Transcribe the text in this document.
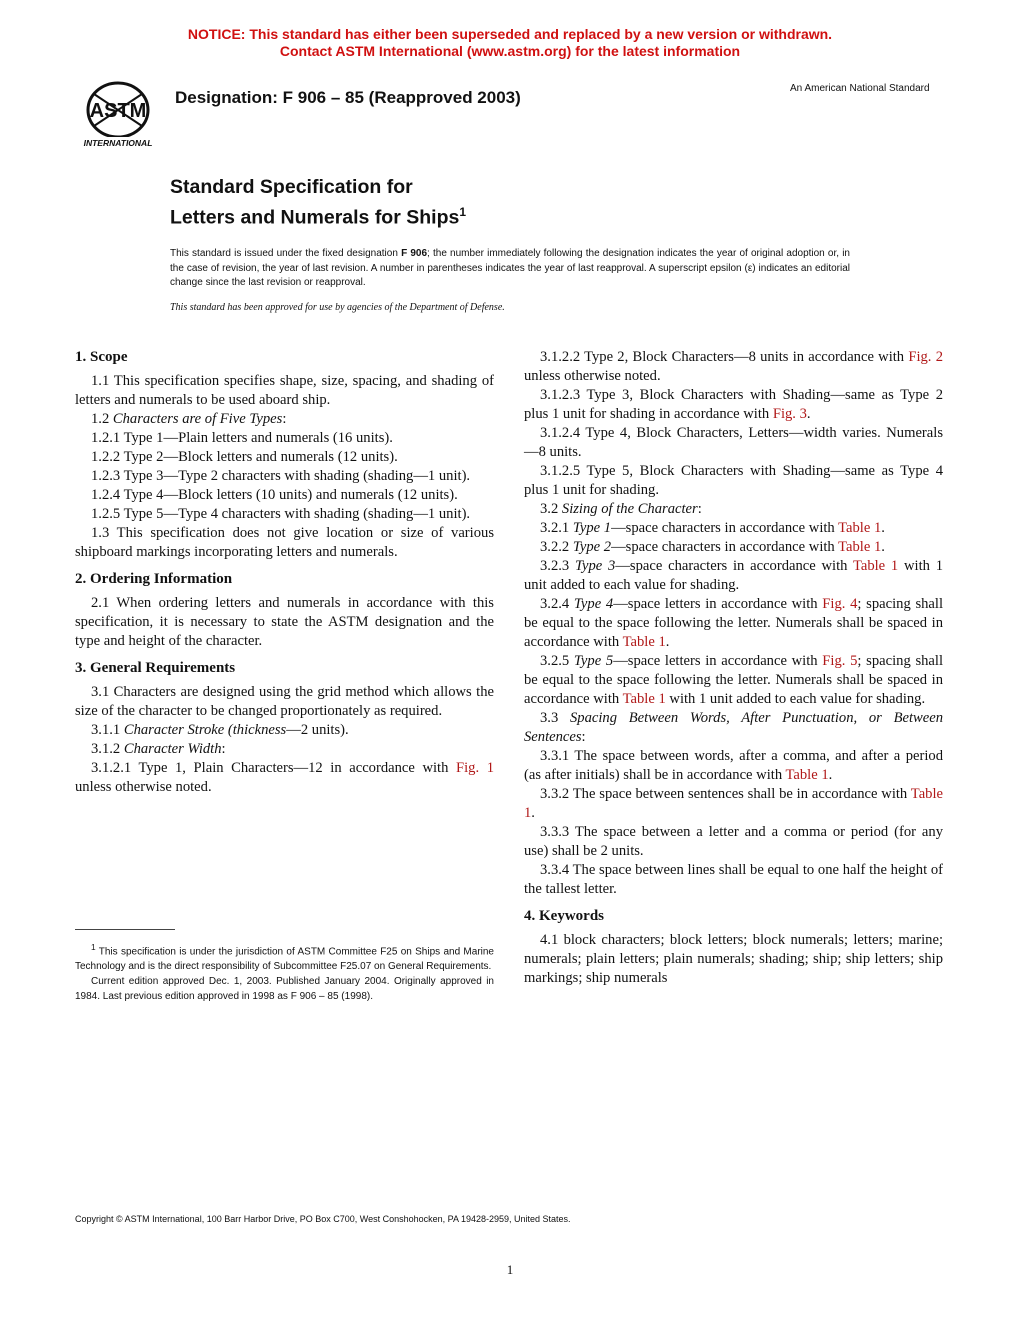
NOTICE: This standard has either been superseded and replaced by a new version or withdrawn.
Contact ASTM International (www.astm.org) for the latest information
ASTM
INTERNATIONAL
Designation: F 906 – 85 (Reapproved 2003)	An American National Standard
Standard Specification for
Letters and Numerals for Ships$^1$
This standard is issued under the fixed designation F 906; the number immediately following the designation indicates the year of original adoption or, in the case of revision, the year of last revision. A number in parentheses indicates the year of last reapproval. A superscript epsilon (ε) indicates an editorial change since the last revision or reapproval.
This standard has been approved for use by agencies of the Department of Defense.
1. Scope

1.1 This specification specifies shape, size, spacing, and shading of letters and numerals to be used aboard ship.

1.2 Characters are of Five Types:

1.2.1 Type 1—Plain letters and numerals (16 units).

1.2.2 Type 2—Block letters and numerals (12 units).

1.2.3 Type 3—Type 2 characters with shading (shading—1 unit).

1.2.4 Type 4—Block letters (10 units) and numerals (12 units).

1.2.5 Type 5—Type 4 characters with shading (shading—1 unit).

1.3 This specification does not give location or size of various shipboard markings incorporating letters and numerals.

2. Ordering Information

2.1 When ordering letters and numerals in accordance with this specification, it is necessary to state the ASTM designation and the type and height of the character.

3. General Requirements

3.1 Characters are designed using the grid method which allows the size of the character to be changed proportionately as required.

3.1.1 Character Stroke (thickness—2 units).

3.1.2 Character Width:

3.1.2.1 Type 1, Plain Characters—12 in accordance with Fig. 1 unless otherwise noted.

3.1.2.2 Type 2, Block Characters—8 units in accordance with Fig. 2 unless otherwise noted.

3.1.2.3 Type 3, Block Characters with Shading—same as Type 2 plus 1 unit for shading in accordance with Fig. 3.

3.1.2.4 Type 4, Block Characters, Letters—width varies. Numerals—8 units.

3.1.2.5 Type 5, Block Characters with Shading—same as Type 4 plus 1 unit for shading.

3.2 Sizing of the Character:

3.2.1 Type 1—space characters in accordance with Table 1.

3.2.2 Type 2—space characters in accordance with Table 1.

3.2.3 Type 3—space characters in accordance with Table 1 with 1 unit added to each value for shading.

3.2.4 Type 4—space letters in accordance with Fig. 4; spacing shall be equal to the space following the letter. Numerals shall be spaced in accordance with Table 1.

3.2.5 Type 5—space letters in accordance with Fig. 5; spacing shall be equal to the space following the letter. Numerals shall be spaced in accordance with Table 1 with 1 unit added to each value for shading.

3.3 Spacing Between Words, After Punctuation, or Between Sentences:

3.3.1 The space between words, after a comma, and after a period (as after initials) shall be in accordance with Table 1.

3.3.2 The space between sentences shall be in accordance with Table 1.

3.3.3 The space between a letter and a comma or period (for any use) shall be 2 units.

3.3.4 The space between lines shall be equal to one half the height of the tallest letter.

4. Keywords

4.1 block characters; block letters; block numerals; letters; marine; numerals; plain letters; plain numerals; shading; ship; ship letters; ship markings; ship numerals

$^1$ This specification is under the jurisdiction of ASTM Committee F25 on Ships and Marine Technology and is the direct responsibility of Subcommittee F25.07 on General Requirements.

Current edition approved Dec. 1, 2003. Published January 2004. Originally approved in 1984. Last previous edition approved in 1998 as F 906 – 85 (1998).

Copyright © ASTM International, 100 Barr Harbor Drive, PO Box C700, West Conshohocken, PA 19428-2959, United States.
1
